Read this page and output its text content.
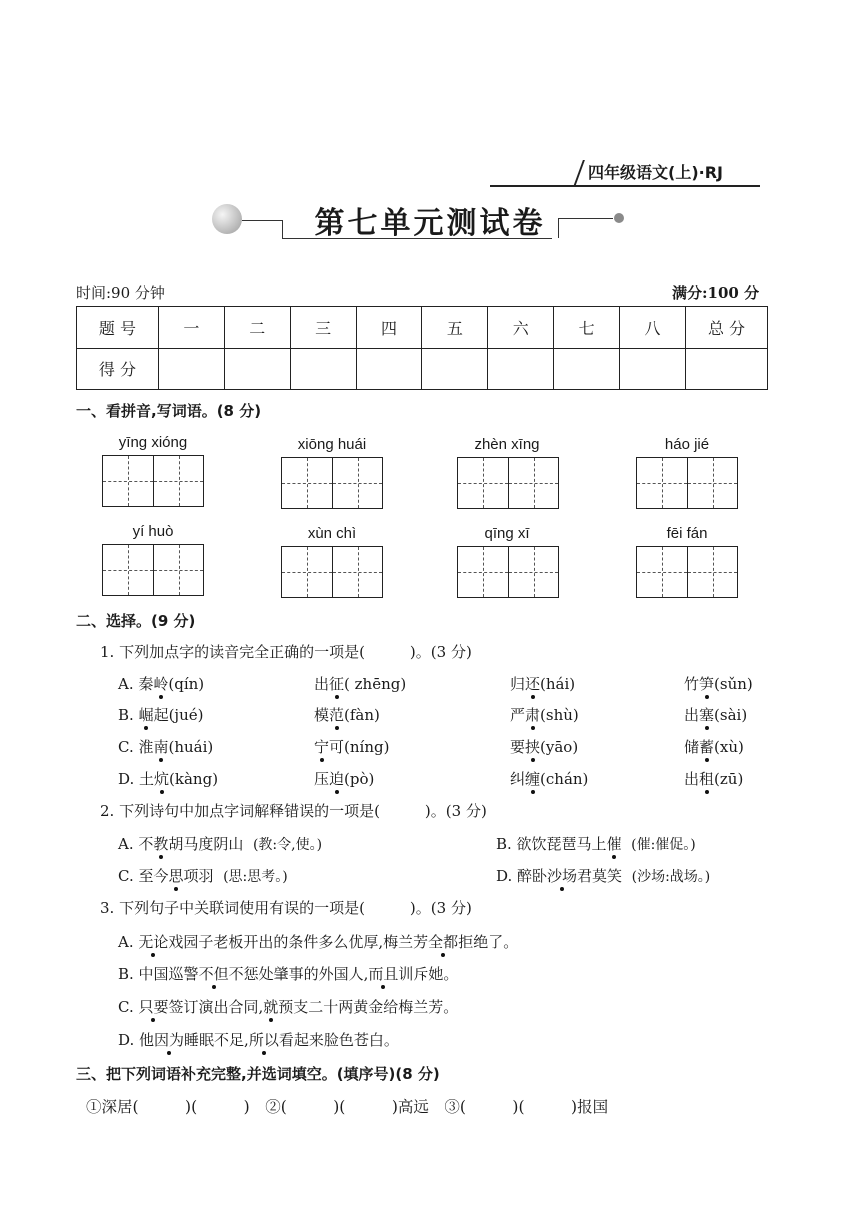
四年级语文(上)·RJ
第七单元测试卷
时间:90 分钟	满分:100 分
题 号	一	二	三	四	五	六	七	八	总 分
得 分									
一、看拼音,写词语。(8 分)
yīng xióng	xiōng huái	zhèn xīng	háo jié
yí huò	xùn chì	qīng xī	fēi fán
二、选择。(9 分)
1. 下列加点字的读音完全正确的一项是(　　　)。(3 分)
A. 秦岭(qín)	出征( zhēng)	归还(hái)	竹笋(sǔn)
B. 崛起(jué)	模范(fàn)	严肃(shù)	出塞(sài)
C. 淮南(huái)	宁可(níng)	要挟(yāo)	储蓄(xù)
D. 土炕(kàng)	压迫(pò)	纠缠(chán)	出租(zū)
2. 下列诗句中加点字词解释错误的一项是(　　　)。(3 分)
A. 不教胡马度阴山 (教:令,使。)	B. 欲饮琵琶马上催 (催:催促。)
C. 至今思项羽 (思:思考。)	D. 醉卧沙场君莫笑 (沙场:战场。)
3. 下列句子中关联词使用有误的一项是(　　　)。(3 分)
A. 无论戏园子老板开出的条件多么优厚,梅兰芳全都拒绝了。
B. 中国巡警不但不惩处肇事的外国人,而且训斥她。
C. 只要签订演出合同,就预支二十两黄金给梅兰芳。
D. 他因为睡眠不足,所以看起来脸色苍白。
三、把下列词语补充完整,并选词填空。(填序号)(8 分)
①深居(　　　)(　　　)　②(　　　)(　　　)高远　③(　　　)(　　　)报国
